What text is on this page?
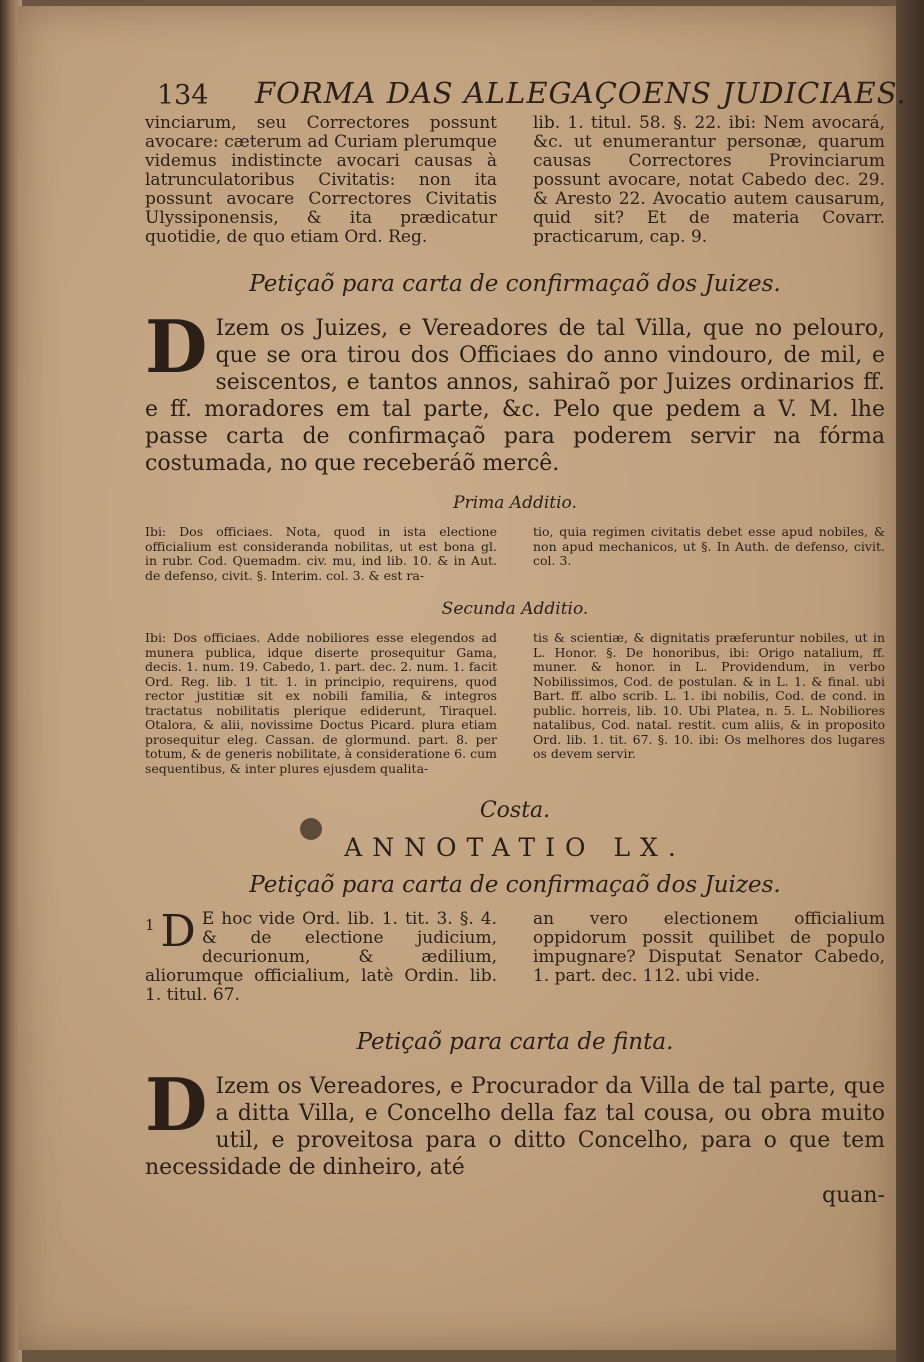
134 FORMA DAS ALLEGAÇOENS JUDICIAES.
vinciarum, seu Correctores possunt avocare: cæterum ad Curiam plerumque videmus indistincte avocari causas à latrunculatoribus Civitatis: non ita possunt avocare Correctores Civitatis Ulyssiponensis, & ita prædicatur quotidie, de quo etiam Ord. Reg.
lib. 1. titul. 58. §. 22. ibi: Nem avocará, &c. ut enumerantur personæ, quarum causas Correctores Provinciarum possunt avocare, notat Cabedo dec. 29. & Aresto 22. Avocatio autem causarum, quid sit? Et de materia Covarr. practicarum, cap. 9.
Petiçaõ para carta de confirmaçaõ dos Juizes.
D Izem os Juizes, e Vereadores de tal Villa, que no pelouro, que se ora tirou dos Officiaes do anno vindouro, de mil, e seiscentos, e tantos annos, sahiraõ por Juizes ordinarios ff. e ff. moradores em tal parte, &c. Pelo que pedem a V. M. lhe passe carta de confirmaçaõ para poderem servir na fórma costumada, no que receberáõ mercê.
Prima Additio.
Ibi: Dos officiaes. Nota, quod in ista electione officialium est consideranda nobilitas, ut est bona gl. in rubr. Cod. Quemadm. civ. mu, ind lib. 10. & in Aut. de defenso, civit. §. Interim. col. 3. & est ra-
tio, quia regimen civitatis debet esse apud nobiles, & non apud mechanicos, ut §. In Auth. de defenso, civit. col. 3.
Secunda Additio.
Ibi: Dos officiaes. Adde nobiliores esse elegendos ad munera publica, idque diserte prosequitur Gama, decis. 1. num. 19. Cabedo, 1. part. dec. 2. num. 1. facit Ord. Reg. lib. 1 tit. 1. in principio, requirens, quod rector justitiæ sit ex nobili familia, & integros tractatus nobilitatis plerique ediderunt, Tiraquel. Otalora, & alii, novissime Doctus Picard. plura etiam prosequitur eleg. Cassan. de glormund. part. 8. per totum, & de generis nobilitate, à consideratione 6. cum sequentibus, & inter plures ejusdem qualita-
tis & scientiæ, & dignitatis præferuntur nobiles, ut in L. Honor. §. De honoribus, ibi: Origo natalium, ff. muner. & honor. in L. Providendum, in verbo Nobilissimos, Cod. de postulan. & in L. 1. & final. ubi Bart. ff. albo scrib. L. 1. ibi nobilis, Cod. de cond. in public. horreis, lib. 10. Ubi Platea, n. 5. L. Nobiliores natalibus, Cod. natal. restit. cum aliis, & in proposito Ord. lib. 1. tit. 67. §. 10. ibi: Os melhores dos lugares os devem servir.
Costa.
ANNOTATIO LX.
Petiçaõ para carta de confirmaçaõ dos Juizes.
1 D E hoc vide Ord. lib. 1. tit. 3. §. 4. & de electione judicium, decurionum, & ædilium, aliorumque officialium, latè Ordin. lib. 1. titul. 67.
an vero electionem officialium oppidorum possit quilibet de populo impugnare? Disputat Senator Cabedo, 1. part. dec. 112. ubi vide.
Petiçaõ para carta de finta.
D Izem os Vereadores, e Procurador da Villa de tal parte, que a ditta Villa, e Concelho della faz tal cousa, ou obra muito util, e proveitosa para o ditto Concelho, para o que tem necessidade de dinheiro, até
quan-
